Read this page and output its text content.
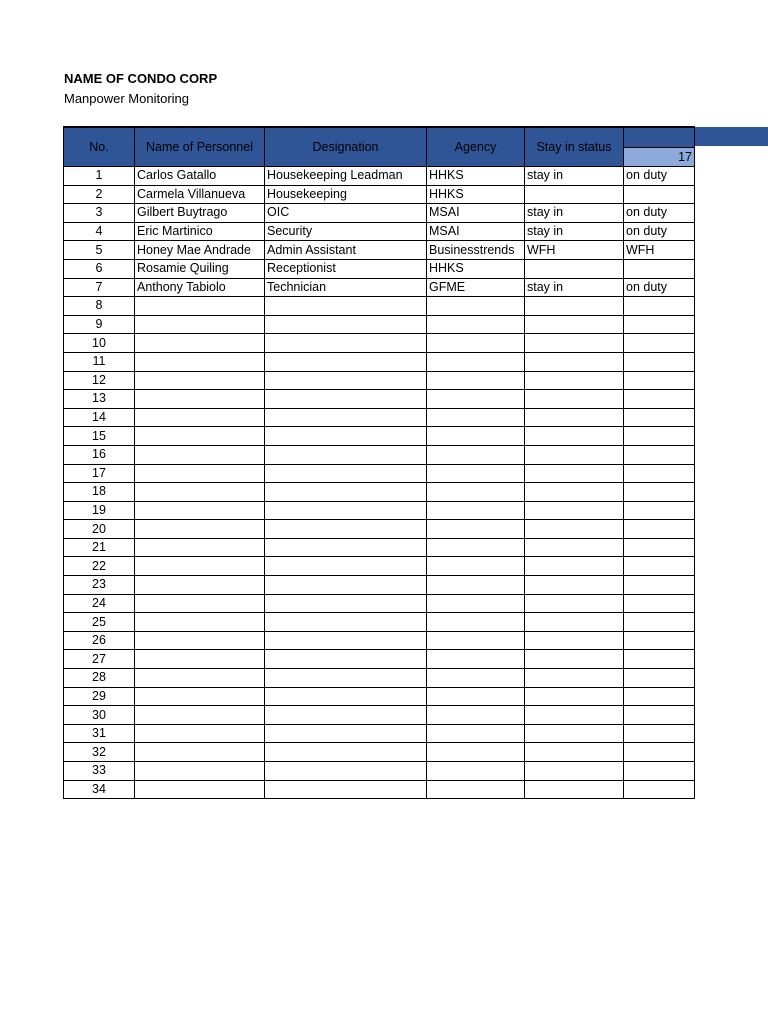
NAME OF CONDO CORP
Manpower Monitoring
No.	Name of Personnel	Designation	Agency	Stay in status	17

1	Carlos Gatallo	Housekeeping Leadman	HHKS	stay in	on duty
2	Carmela Villanueva	Housekeeping	HHKS		
3	Gilbert Buytrago	OIC	MSAI	stay in	on duty
4	Eric Martinico	Security	MSAI	stay in	on duty
5	Honey Mae Andrade	Admin Assistant	Businesstrends	WFH	WFH
6	Rosamie Quiling	Receptionist	HHKS		
7	Anthony Tabiolo	Technician	GFME	stay in	on duty
8					
9					
10					
11					
12					
13					
14					
15					
16					
17					
18					
19					
20					
21					
22					
23					
24					
25					
26					
27					
28					
29					
30					
31					
32					
33					
34					
